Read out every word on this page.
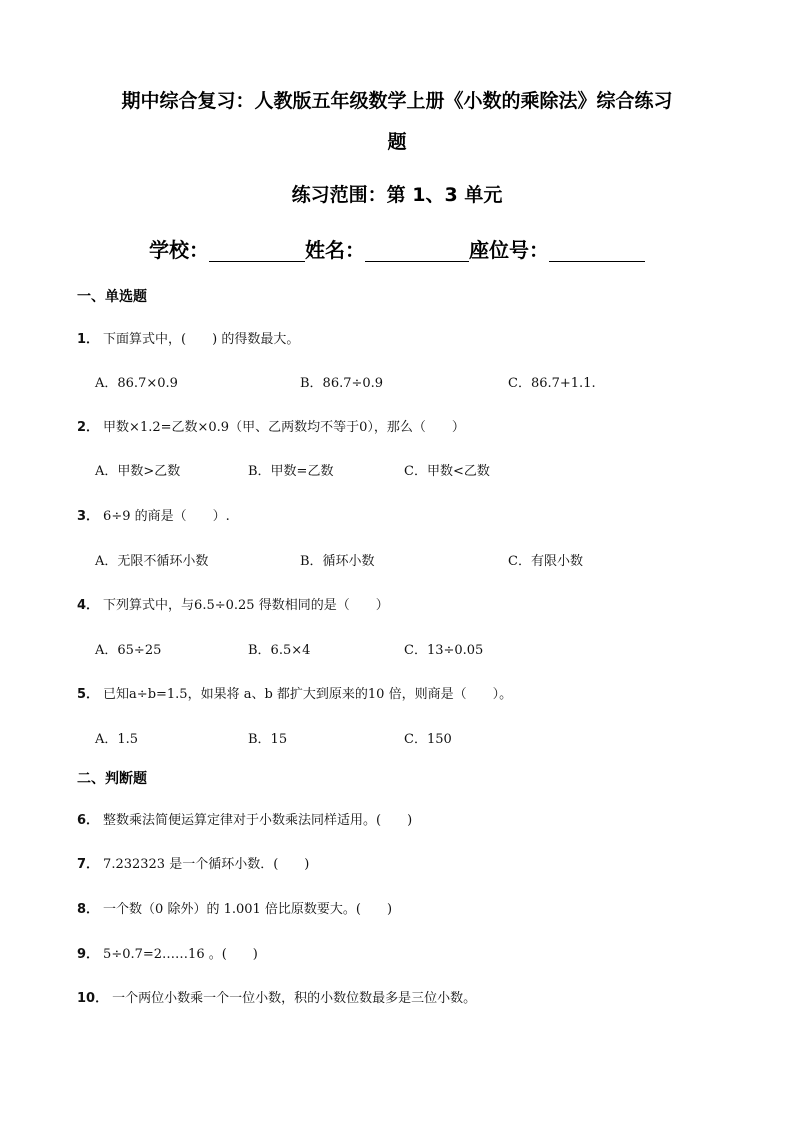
期中综合复习：人教版五年级数学上册《小数的乘除法》综合练习
题
练习范围：第 1、3 单元
学校：	姓名：	座位号：
一、单选题
1． 下面算式中，(　　) 的得数最大。
A．86.7×0.9	B．86.7÷0.9	C．86.7+1.1.
2． 甲数×1.2=乙数×0.9（甲、乙两数均不等于0），那么（　　）
A．甲数>乙数	B．甲数=乙数	C．甲数<乙数
3． 6÷9 的商是（　　）.
A．无限不循环小数	B．循环小数	C．有限小数
4． 下列算式中，与6.5÷0.25 得数相同的是（　　）
A．65÷25	B．6.5×4	C．13÷0.05
5． 已知a÷b=1.5，如果将 a、b 都扩大到原来的10 倍，则商是（　　）。
A．1.5	B．15	C．150
二、判断题
6． 整数乘法简便运算定律对于小数乘法同样适用。(　　)
7． 7.232323 是一个循环小数．(　　)
8． 一个数（0 除外）的 1.001 倍比原数要大。(　　)
9． 5÷0.7=2……16 。(　　)
10． 一个两位小数乘一个一位小数，积的小数位数最多是三位小数。
